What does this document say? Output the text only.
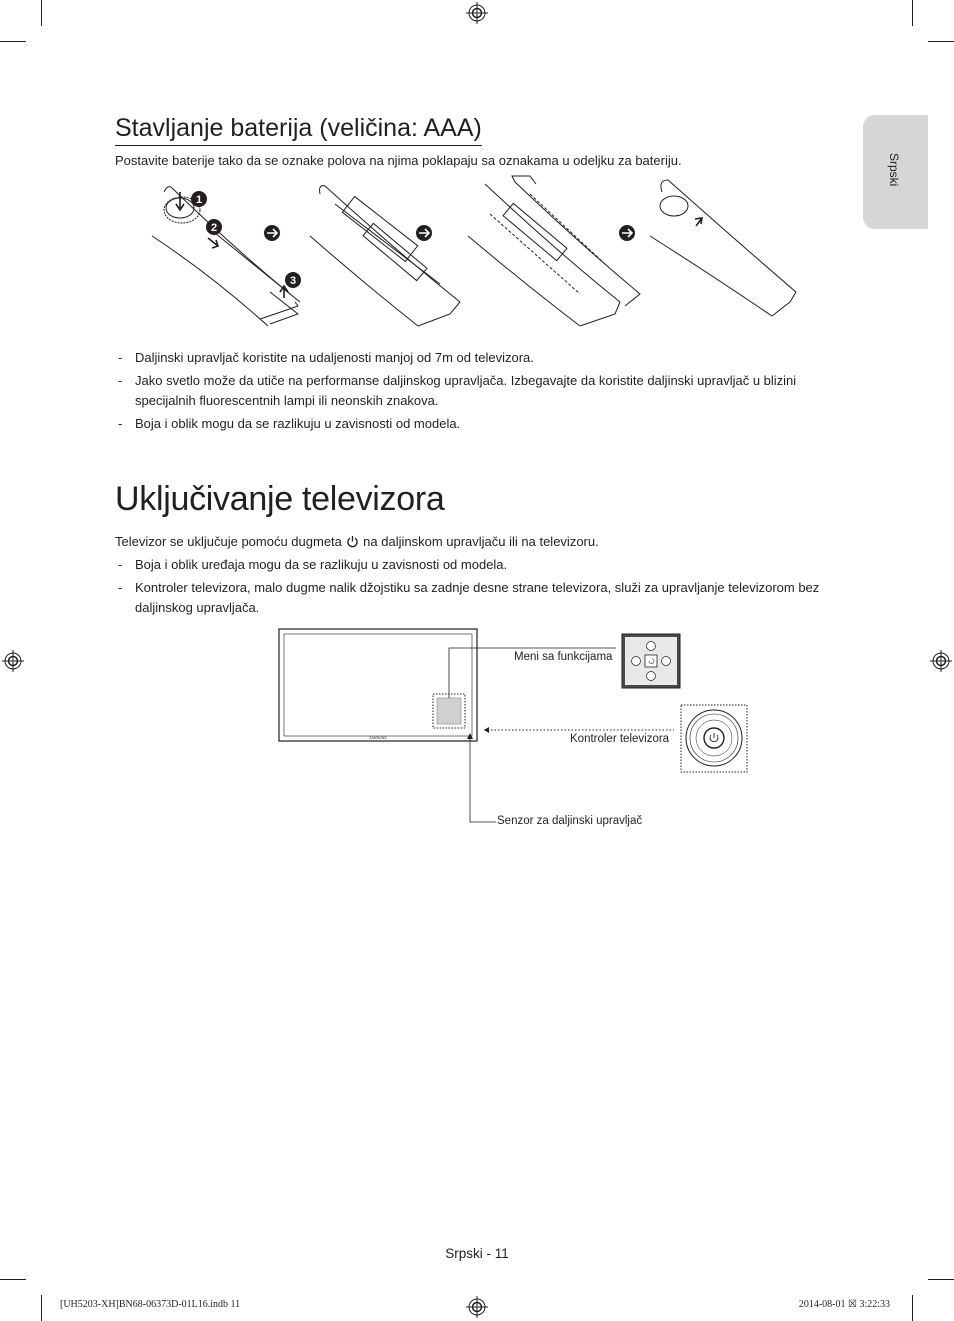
Srpski
Stavljanje baterija (veličina: AAA)

Postavite baterije tako da se oznake polova na njima poklapaju sa oznakama u odeljku za bateriju.

1
2
3
- Daljinski upravljač koristite na udaljenosti manjoj od 7m od televizora.
- Jako svetlo može da utiče na performanse daljinskog upravljača. Izbegavajte da koristite daljinski upravljač u blizini specijalnih fluorescentnih lampi ili neonskih znakova.
- Boja i oblik mogu da se razlikuju u zavisnosti od modela.
Uključivanje televizora

Televizor se uključuje pomoću dugmeta na daljinskom upravljaču ili na televizoru.

- Boja i oblik uređaja mogu da se razlikuju u zavisnosti od modela.
- Kontroler televizora, malo dugme nalik džojstiku sa zadnje desne strane televizora, služi za upravljanje televizorom bez daljinskog upravljača.
SAMSUNG
Meni sa funkcijama
Kontroler televizora
Senzor za daljinski upravljač
Srpski - 11
[UH5203-XH]BN68-06373D-01L16.indb 11	2014-08-01 ☒ 3:22:33
